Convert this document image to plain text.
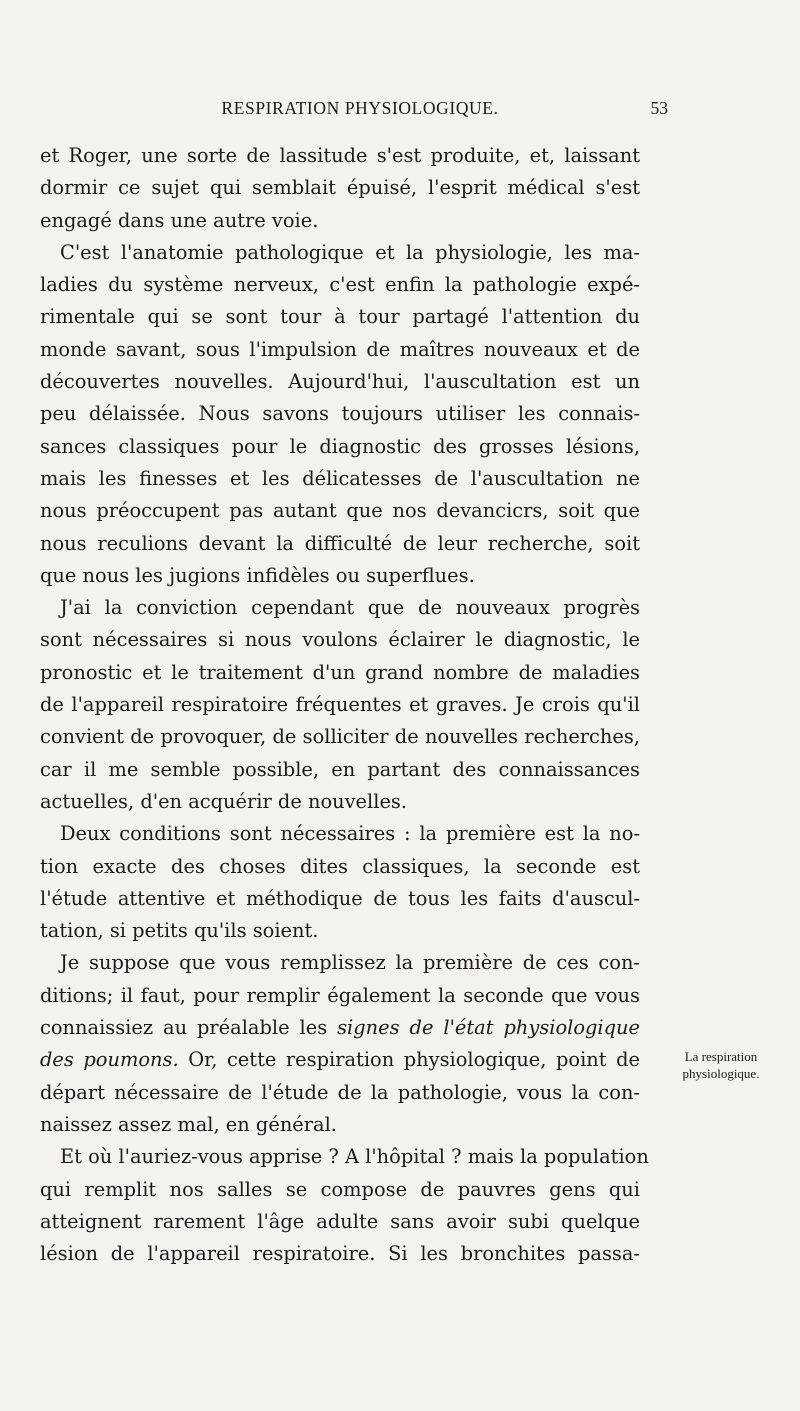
RESPIRATION PHYSIOLOGIQUE.	53
et Roger, une sorte de lassitude s'est produite, et, laissant
dormir ce sujet qui semblait épuisé, l'esprit médical s'est
engagé dans une autre voie.
C'est l'anatomie pathologique et la physiologie, les ma-
ladies du système nerveux, c'est enfin la pathologie expé-
rimentale qui se sont tour à tour partagé l'attention du
monde savant, sous l'impulsion de maîtres nouveaux et de
découvertes nouvelles. Aujourd'hui, l'auscultation est un
peu délaissée. Nous savons toujours utiliser les connais-
sances classiques pour le diagnostic des grosses lésions,
mais les finesses et les délicatesses de l'auscultation ne
nous préoccupent pas autant que nos devancicrs, soit que
nous reculions devant la difficulté de leur recherche, soit
que nous les jugions infidèles ou superflues.
J'ai la conviction cependant que de nouveaux progrès
sont nécessaires si nous voulons éclairer le diagnostic, le
pronostic et le traitement d'un grand nombre de maladies
de l'appareil respiratoire fréquentes et graves. Je crois qu'il
convient de provoquer, de solliciter de nouvelles recherches,
car il me semble possible, en partant des connaissances
actuelles, d'en acquérir de nouvelles.
Deux conditions sont nécessaires : la première est la no-
tion exacte des choses dites classiques, la seconde est
l'étude attentive et méthodique de tous les faits d'auscul-
tation, si petits qu'ils soient.
Je suppose que vous remplissez la première de ces con-
ditions; il faut, pour remplir également la seconde que vous
connaissiez au préalable les signes de l'état physiologique
des poumons. Or, cette respiration physiologique, point de
départ nécessaire de l'étude de la pathologie, vous la con-
naissez assez mal, en général.
Et où l'auriez-vous apprise ? A l'hôpital ? mais la population
qui remplit nos salles se compose de pauvres gens qui
atteignent rarement l'âge adulte sans avoir subi quelque
lésion de l'appareil respiratoire. Si les bronchites passa-
La respiration
physiologique.
